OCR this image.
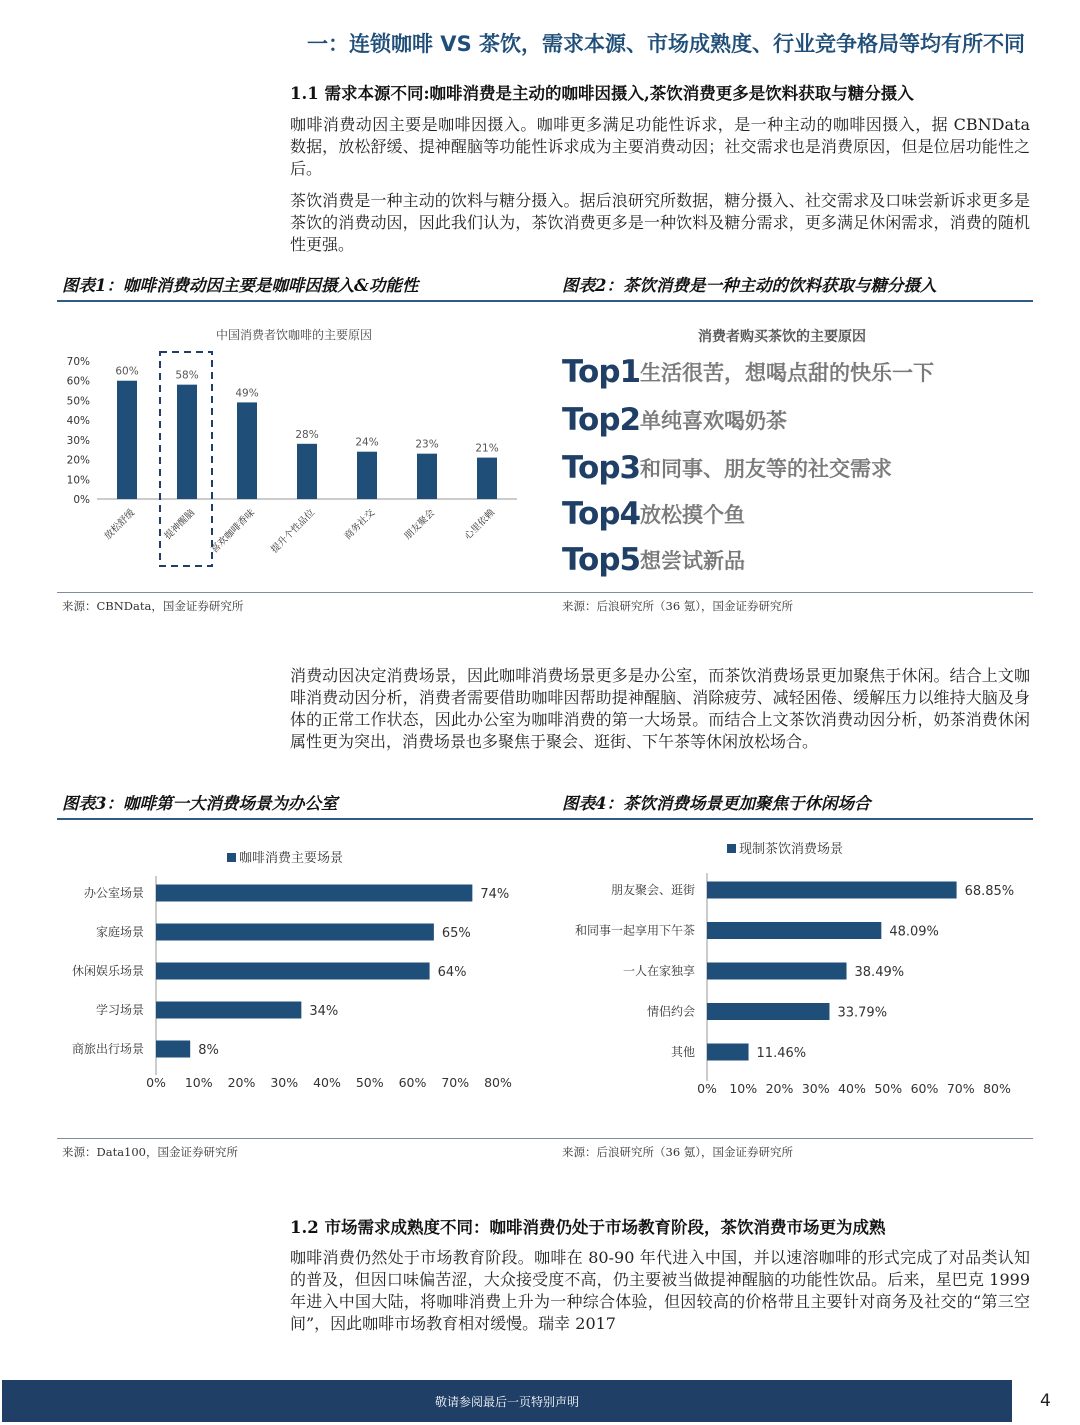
一：连锁咖啡 VS 茶饮，需求本源、市场成熟度、行业竞争格局等均有所不同
1.1 需求本源不同:咖啡消费是主动的咖啡因摄入,茶饮消费更多是饮料获取与糖分摄入
咖啡消费动因主要是咖啡因摄入。咖啡更多满足功能性诉求，是一种主动的咖啡因摄入，据 CBNData 数据，放松舒缓、提神醒脑等功能性诉求成为主要消费动因；社交需求也是消费原因，但是位居功能性之后。
茶饮消费是一种主动的饮料与糖分摄入。据后浪研究所数据，糖分摄入、社交需求及口味尝新诉求更多是茶饮的消费动因，因此我们认为，茶饮消费更多是一种饮料及糖分需求，更多满足休闲需求，消费的随机性更强。
图表1：咖啡消费动因主要是咖啡因摄入&功能性	图表2：茶饮消费是一种主动的饮料获取与糖分摄入
中国消费者饮咖啡的主要原因
0%
10%
20%
30%
40%
50%
60%
70%
60%
放松舒缓
58%
提神醒脑
49%
喜欢咖啡香味
28%
提升个性品位
24%
商务社交
23%
朋友聚会
21%
心里依赖
消费者购买茶饮的主要原因
Top1 生活很苦，想喝点甜的快乐一下
Top2 单纯喜欢喝奶茶
Top3 和同事、朋友等的社交需求
Top4 放松摸个鱼
Top5 想尝试新品
来源：CBNData，国金证券研究所	来源：后浪研究所（36 氪），国金证券研究所
消费动因决定消费场景，因此咖啡消费场景更多是办公室，而茶饮消费场景更加聚焦于休闲。结合上文咖啡消费动因分析，消费者需要借助咖啡因帮助提神醒脑、消除疲劳、减轻困倦、缓解压力以维持大脑及身体的正常工作状态，因此办公室为咖啡消费的第一大场景。而结合上文茶饮消费动因分析，奶茶消费休闲属性更为突出，消费场景也多聚焦于聚会、逛街、下午茶等休闲放松场合。
图表3：咖啡第一大消费场景为办公室	图表4：茶饮消费场景更加聚焦于休闲场合
咖啡消费主要场景
74%
办公室场景
65%
家庭场景
64%
休闲娱乐场景
34%
学习场景
8%
商旅出行场景
0% 10% 20% 30% 40% 50% 60% 70% 80%
现制茶饮消费场景
68.85%
朋友聚会、逛街
48.09%
和同事一起享用下午茶
38.49%
一人在家独享
33.79%
情侣约会
11.46%
其他
0% 10% 20% 30% 40% 50% 60% 70% 80%
来源：Data100，国金证券研究所	来源：后浪研究所（36 氪），国金证券研究所
1.2 市场需求成熟度不同：咖啡消费仍处于市场教育阶段，茶饮消费市场更为成熟
咖啡消费仍然处于市场教育阶段。咖啡在 80-90 年代进入中国，并以速溶咖啡的形式完成了对品类认知的普及，但因口味偏苦涩，大众接受度不高，仍主要被当做提神醒脑的功能性饮品。后来，星巴克 1999 年进入中国大陆，将咖啡消费上升为一种综合体验，但因较高的价格带且主要针对商务及社交的“第三空间”，因此咖啡市场教育相对缓慢。瑞幸 2017
敬请参阅最后一页特别声明	4
